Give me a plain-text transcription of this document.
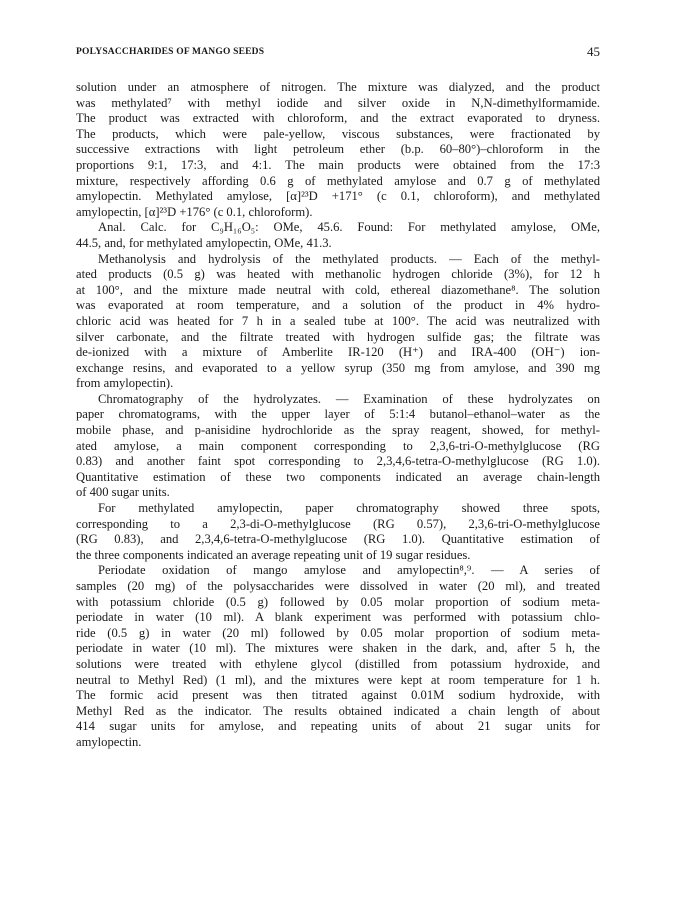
POLYSACCHARIDES OF MANGO SEEDS	45
solution under an atmosphere of nitrogen. The mixture was dialyzed, and the product
was methylated⁷ with methyl iodide and silver oxide in N,N-dimethylformamide.
The product was extracted with chloroform, and the extract evaporated to dryness.
The products, which were pale-yellow, viscous substances, were fractionated by
successive extractions with light petroleum ether (b.p. 60–80°)–chloroform in the
proportions 9:1, 17:3, and 4:1. The main products were obtained from the 17:3
mixture, respectively affording 0.6 g of methylated amylose and 0.7 g of methylated
amylopectin. Methylated amylose, [α]²³D +171° (c 0.1, chloroform), and methylated
amylopectin, [α]²³D +176° (c 0.1, chloroform).
Anal. Calc. for C₉H₁₆O₅: OMe, 45.6. Found: For methylated amylose, OMe,
44.5, and, for methylated amylopectin, OMe, 41.3.
Methanolysis and hydrolysis of the methylated products. — Each of the methyl-
ated products (0.5 g) was heated with methanolic hydrogen chloride (3%), for 12 h
at 100°, and the mixture made neutral with cold, ethereal diazomethane⁸. The solution
was evaporated at room temperature, and a solution of the product in 4% hydro-
chloric acid was heated for 7 h in a sealed tube at 100°. The acid was neutralized with
silver carbonate, and the filtrate treated with hydrogen sulfide gas; the filtrate was
de-ionized with a mixture of Amberlite IR-120 (H⁺) and IRA-400 (OH⁻) ion-
exchange resins, and evaporated to a yellow syrup (350 mg from amylose, and 390 mg
from amylopectin).
Chromatography of the hydrolyzates. — Examination of these hydrolyzates on
paper chromatograms, with the upper layer of 5:1:4 butanol–ethanol–water as the
mobile phase, and p-anisidine hydrochloride as the spray reagent, showed, for methyl-
ated amylose, a main component corresponding to 2,3,6-tri-O-methylglucose (RG
0.83) and another faint spot corresponding to 2,3,4,6-tetra-O-methylglucose (RG 1.0).
Quantitative estimation of these two components indicated an average chain-length
of 400 sugar units.
For methylated amylopectin, paper chromatography showed three spots,
corresponding to a 2,3-di-O-methylglucose (RG 0.57), 2,3,6-tri-O-methylglucose
(RG 0.83), and 2,3,4,6-tetra-O-methylglucose (RG 1.0). Quantitative estimation of
the three components indicated an average repeating unit of 19 sugar residues.
Periodate oxidation of mango amylose and amylopectin⁸,⁹. — A series of
samples (20 mg) of the polysaccharides were dissolved in water (20 ml), and treated
with potassium chloride (0.5 g) followed by 0.05 molar proportion of sodium meta-
periodate in water (10 ml). A blank experiment was performed with potassium chlo-
ride (0.5 g) in water (20 ml) followed by 0.05 molar proportion of sodium meta-
periodate in water (10 ml). The mixtures were shaken in the dark, and, after 5 h, the
solutions were treated with ethylene glycol (distilled from potassium hydroxide, and
neutral to Methyl Red) (1 ml), and the mixtures were kept at room temperature for 1 h.
The formic acid present was then titrated against 0.01M sodium hydroxide, with
Methyl Red as the indicator. The results obtained indicated a chain length of about
414 sugar units for amylose, and repeating units of about 21 sugar units for
amylopectin.
